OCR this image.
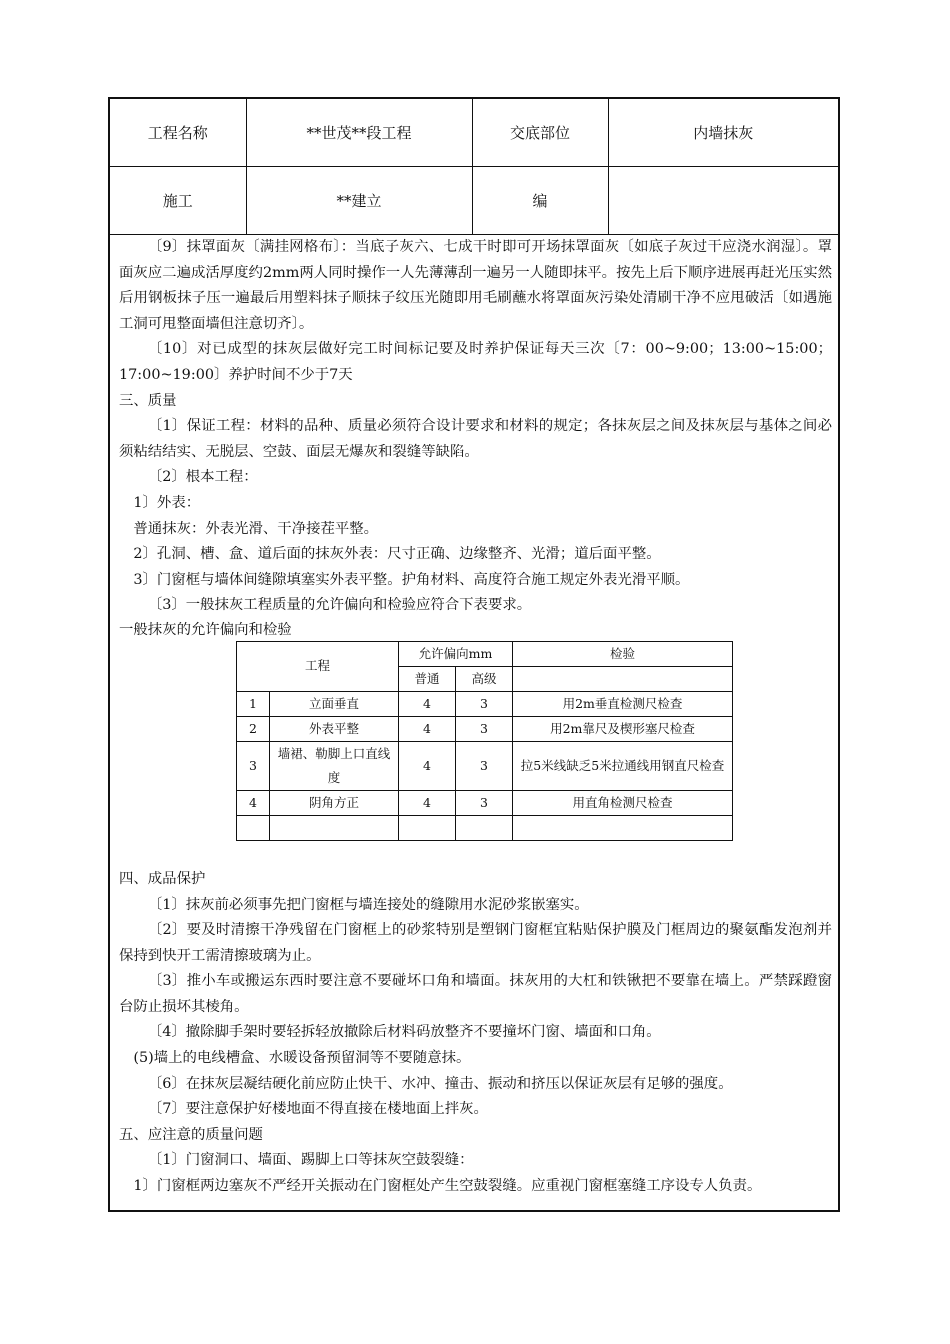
工程名称	**世茂**段工程	交底部位	内墙抹灰
施工	**建立	编	

〔9〕抹罩面灰〔满挂网格布〕：当底子灰六、七成干时即可开场抹罩面灰〔如底子灰过干应浇水润湿〕。罩面灰应二遍成活厚度约2mm两人同时操作一人先薄薄刮一遍另一人随即抹平。按先上后下顺序进展再赶光压实然后用钢板抹子压一遍最后用塑料抹子顺抹子纹压光随即用毛刷蘸水将罩面灰污染处清刷干净不应甩破活〔如遇施工洞可甩整面墙但注意切齐〕。

〔10〕对已成型的抹灰层做好完工时间标记要及时养护保证每天三次〔7：00~9:00；13:00~15:00；17:00~19:00〕养护时间不少于7天

三、质量

〔1〕保证工程：材料的品种、质量必须符合设计要求和材料的规定；各抹灰层之间及抹灰层与基体之间必须粘结结实、无脱层、空鼓、面层无爆灰和裂缝等缺陷。

〔2〕根本工程：

1〕外表：

普通抹灰：外表光滑、干净接茬平整。

2〕孔洞、槽、盒、道后面的抹灰外表：尺寸正确、边缘整齐、光滑；道后面平整。

3〕门窗框与墙体间缝隙填塞实外表平整。护角材料、高度符合施工规定外表光滑平顺。

〔3〕一般抹灰工程质量的允许偏向和检验应符合下表要求。

一般抹灰的允许偏向和检验

工程		允许偏向mm		检验
		普通	高级	
1	立面垂直	4	3	用2m垂直检测尺检查
2	外表平整	4	3	用2m靠尺及楔形塞尺检查
3	墙裙、勒脚上口直线度	4	3	拉5米线缺乏5米拉通线用钢直尺检查
4	阴角方正	4	3	用直角检测尺检查

四、成品保护

〔1〕抹灰前必须事先把门窗框与墙连接处的缝隙用水泥砂浆嵌塞实。

〔2〕要及时清擦干净残留在门窗框上的砂浆特别是塑钢门窗框宜粘贴保护膜及门框周边的聚氨酯发泡剂并保持到快开工需清擦玻璃为止。

〔3〕推小车或搬运东西时要注意不要碰坏口角和墙面。抹灰用的大杠和铁锹把不要靠在墙上。严禁踩蹬窗台防止损坏其棱角。

〔4〕撤除脚手架时要轻拆轻放撤除后材料码放整齐不要撞坏门窗、墙面和口角。

(5)墙上的电线槽盒、水暖设备预留洞等不要随意抹。

〔6〕在抹灰层凝结硬化前应防止快干、水冲、撞击、振动和挤压以保证灰层有足够的强度。

〔7〕要注意保护好楼地面不得直接在楼地面上拌灰。

五、应注意的质量问题

〔1〕门窗洞口、墙面、踢脚上口等抹灰空鼓裂缝：

1〕门窗框两边塞灰不严经开关振动在门窗框处产生空鼓裂缝。应重视门窗框塞缝工序设专人负责。
